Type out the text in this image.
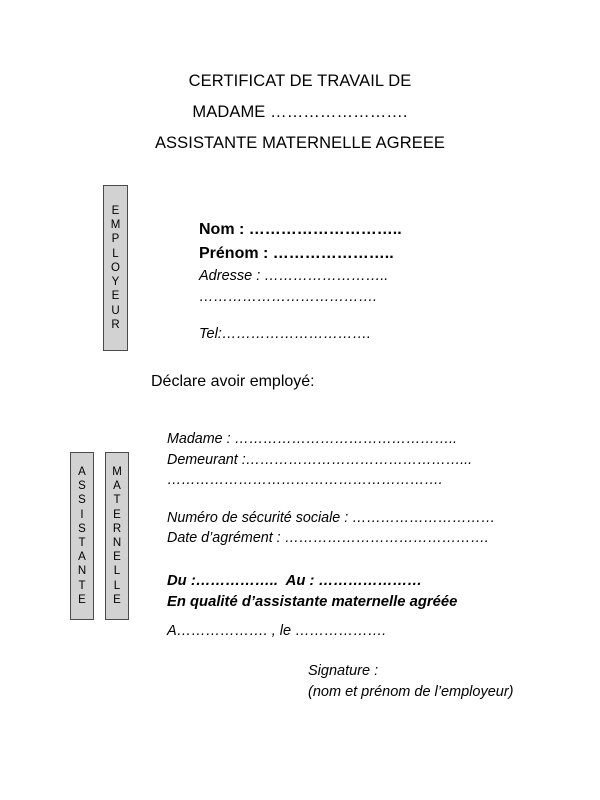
CERTIFICAT DE TRAVAIL DE
MADAME …………………….
ASSISTANTE MATERNELLE AGREEE
E
M
P
L
O
Y
E
U
R
Nom : ………………………..
Prénom : …………………..
Adresse : ……………………..
……………………………….
Tel:………………………….
Déclare avoir employé:
A
S
S
I
S
T
A
N
T
E
M
A
T
E
R
N
E
L
L
E
Madame : ………………………………………..
Demeurant :………………………………………...
………………………………………………….
Numéro de sécurité sociale : …………………………
Date d’agrément : …………………………………….
Du :……………..  Au : …………………
En qualité d’assistante maternelle agréée
A………………. , le ……………….
Signature :
(nom et prénom de l’employeur)
